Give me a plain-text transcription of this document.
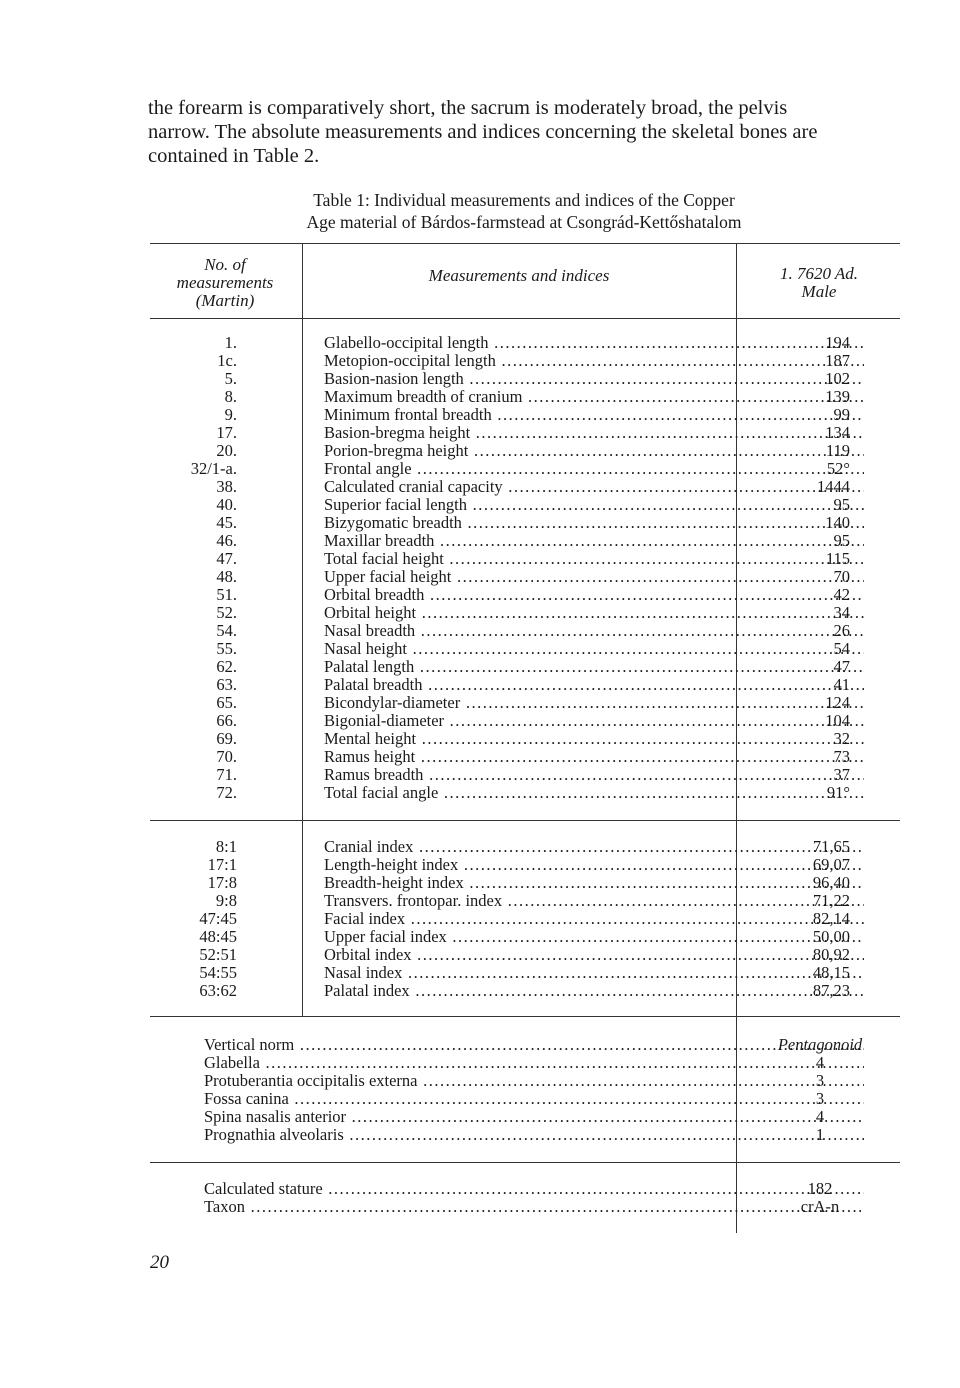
the forearm is comparatively short, the sacrum is moderately broad, the pelvis
narrow. The absolute measurements and indices concerning the skeletal bones are
contained in Table 2.
Table 1: Individual measurements and indices of the Copper
Age material of Bárdos-farmstead at Csongrád-Kettőshatalom
No. of
measurements
(Martin)
Measurements and indices	1. 7620 Ad.
Male
1.	Glabello-occipital length .....	194
1c.	Metopion-occipital length .....	187
5.	Basion-nasion length .....	102
8.	Maximum breadth of cranium .....	139
9.	Minimum frontal breadth .....	99
17.	Basion-bregma height .....	134
20.	Porion-bregma height .....	119
32/1-a.	Frontal angle .....	52°
38.	Calculated cranial capacity .....	1444
40.	Superior facial length .....	95
45.	Bizygomatic breadth .....	140
46.	Maxillar breadth .....	95
47.	Total facial height .....	115
48.	Upper facial height .....	70
51.	Orbital breadth .....	42
52.	Orbital height .....	34
54.	Nasal breadth .....	26
55.	Nasal height .....	54
62.	Palatal length .....	47
63.	Palatal breadth .....	41
65.	Bicondylar-diameter .....	124
66.	Bigonial-diameter .....	104
69.	Mental height .....	32
70.	Ramus height .....	73
71.	Ramus breadth .....	37
72.	Total facial angle .....	91°
8:1	Cranial index .....	71,65
17:1	Length-height index .....	69,07
17:8	Breadth-height index .....	96,40
9:8	Transvers. frontopar. index .....	71,22
47:45	Facial index .....	82,14
48:45	Upper facial index .....	50,00
52:51	Orbital index .....	80,92
54:55	Nasal index .....	48,15
63:62	Palatal index .....	87,23
Vertical norm .....	Pentagonoid
Glabella .....	4
Protuberantia occipitalis externa .....	3
Fossa canina .....	3
Spina nasalis anterior .....	4
Prognathia alveolaris .....	1
Calculated stature .....	182
Taxon .....	crA-n
20
